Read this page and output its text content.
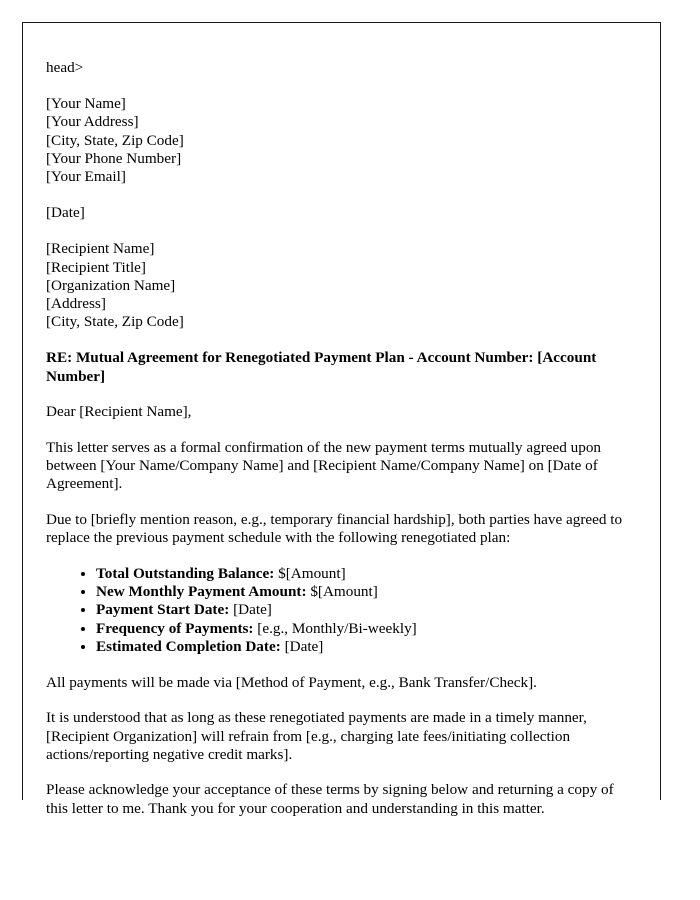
head>

[Your Name]

[Your Address]

[City, State, Zip Code]

[Your Phone Number]

[Your Email]

[Date]

[Recipient Name]

[Recipient Title]

[Organization Name]

[Address]

[City, State, Zip Code]

RE: Mutual Agreement for Renegotiated Payment Plan - Account Number: [Account Number]

Dear [Recipient Name],

This letter serves as a formal confirmation of the new payment terms mutually agreed upon between [Your Name/Company Name] and [Recipient Name/Company Name] on [Date of Agreement].

Due to [briefly mention reason, e.g., temporary financial hardship], both parties have agreed to replace the previous payment schedule with the following renegotiated plan:

• Total Outstanding Balance: $[Amount]
• New Monthly Payment Amount: $[Amount]
• Payment Start Date: [Date]
• Frequency of Payments: [e.g., Monthly/Bi-weekly]
• Estimated Completion Date: [Date]

All payments will be made via [Method of Payment, e.g., Bank Transfer/Check].

It is understood that as long as these renegotiated payments are made in a timely manner, [Recipient Organization] will refrain from [e.g., charging late fees/initiating collection actions/reporting negative credit marks].

Please acknowledge your acceptance of these terms by signing below and returning a copy of this letter to me. Thank you for your cooperation and understanding in this matter.
